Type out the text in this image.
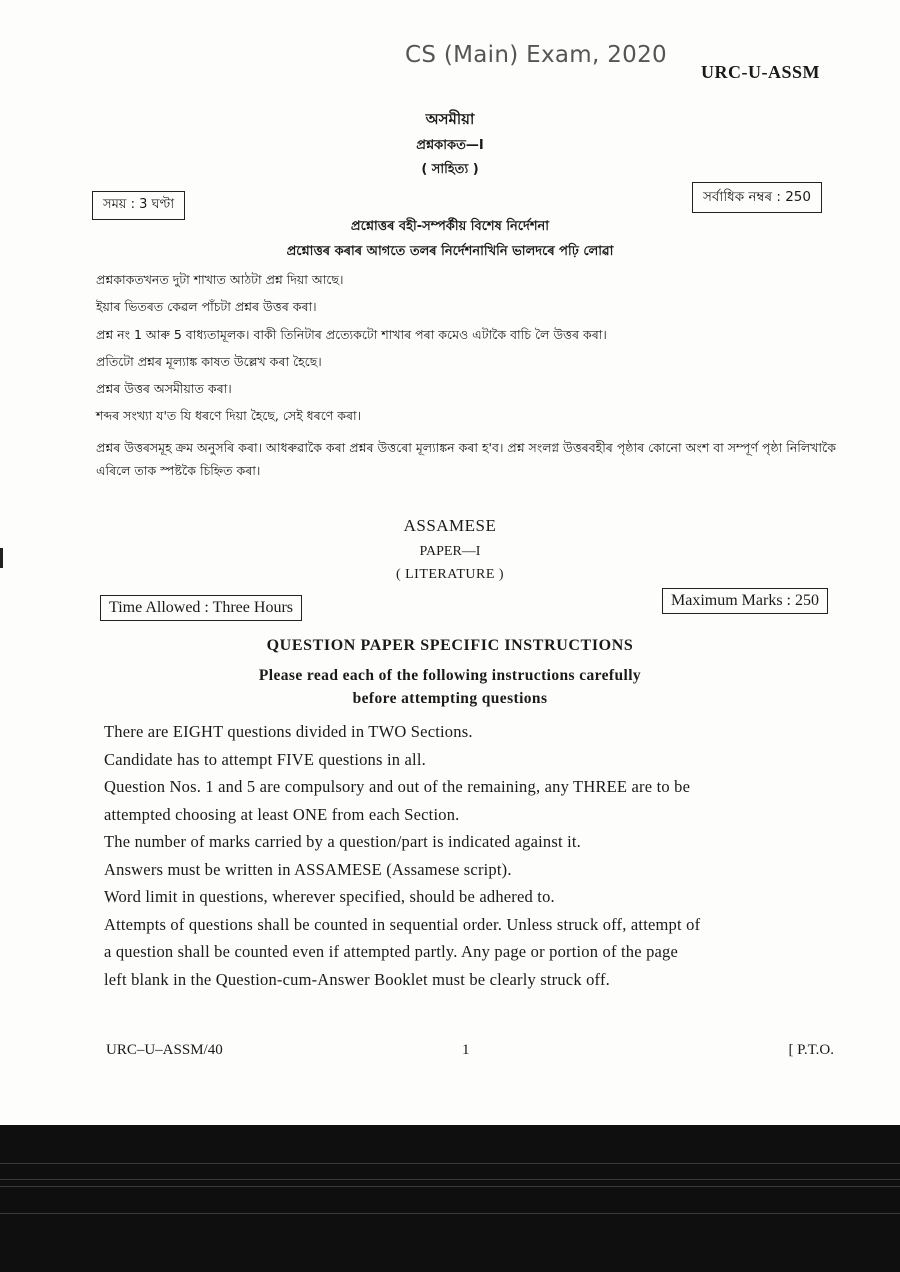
CS (Main) Exam, 2020
URC-U-ASSM
অসমীয়া
প্ৰশ্নকাকত—I
( সাহিত্য )
সময় : 3 ঘণ্টা	সৰ্বাধিক নম্বৰ : 250
প্ৰশ্নোত্তৰ বহী-সম্পৰ্কীয় বিশেষ নিৰ্দেশনা
প্ৰশ্নোত্তৰ কৰাৰ আগতে তলৰ নিৰ্দেশনাখিনি ভালদৰে পঢ়ি লোৱা

প্ৰশ্নকাকতখনত দুটা শাখাত আঠটা প্ৰশ্ন দিয়া আছে।

ইয়াৰ ভিতৰত কেৱল পাঁচটা প্ৰশ্নৰ উত্তৰ কৰা।

প্ৰশ্ন নং 1 আৰু 5 বাধ্যতামূলক। বাকী তিনিটাৰ প্ৰত্যেকটো শাখাৰ পৰা কমেও এটাকৈ বাচি লৈ উত্তৰ কৰা।

প্ৰতিটো প্ৰশ্নৰ মূল্যাঙ্ক কাষত উল্লেখ কৰা হৈছে।

প্ৰশ্নৰ উত্তৰ অসমীয়াত কৰা।

শব্দৰ সংখ্যা য'ত যি ধৰণে দিয়া হৈছে, সেই ধৰণে কৰা।

প্ৰশ্নৰ উত্তৰসমূহ ক্ৰম অনুসৰি কৰা। আধৰুৱাকৈ কৰা প্ৰশ্নৰ উত্তৰো মূল্যাঙ্কন কৰা হ'ব। প্ৰশ্ন সংলগ্ন উত্তৰবহীৰ পৃষ্ঠাৰ কোনো অংশ বা সম্পূৰ্ণ পৃষ্ঠা নিলিখাকৈ এৰিলে তাক স্পষ্টকৈ চিহ্নিত কৰা।

ASSAMESE
PAPER—I
( LITERATURE )
Time Allowed : Three Hours	Maximum Marks : 250
QUESTION PAPER SPECIFIC INSTRUCTIONS
Please read each of the following instructions carefully
before attempting questions

There are EIGHT questions divided in TWO Sections.

Candidate has to attempt FIVE questions in all.

Question Nos. 1 and 5 are compulsory and out of the remaining, any THREE are to be

attempted choosing at least ONE from each Section.

The number of marks carried by a question/part is indicated against it.

Answers must be written in ASSAMESE (Assamese script).

Word limit in questions, wherever specified, should be adhered to.

Attempts of questions shall be counted in sequential order. Unless struck off, attempt of

a question shall be counted even if attempted partly. Any page or portion of the page

left blank in the Question-cum-Answer Booklet must be clearly struck off.

URC–U–ASSM/40	1	[ P.T.O.
